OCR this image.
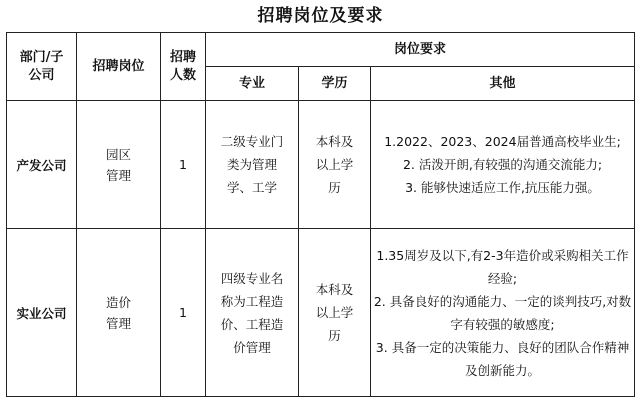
招聘岗位及要求
部门/子公司	招聘岗位	招聘人数	岗位要求		
			专业	学历	其他
产发公司	园区管理	1	二级专业门类为管理学、工学	本科及以上学历	1.2022、2023、2024届普通高校毕业生;
2. 活泼开朗,有较强的沟通交流能力;
3. 能够快速适应工作,抗压能力强。

实业公司	造价管理	1	四级专业名称为工程造价、工程造价管理	本科及以上学历	1.35周岁及以下,有2-3年造价或采购相关工作经验;
2. 具备良好的沟通能力、一定的谈判技巧,对数字有较强的敏感度;
3. 具备一定的决策能力、良好的团队合作精神及创新能力。
